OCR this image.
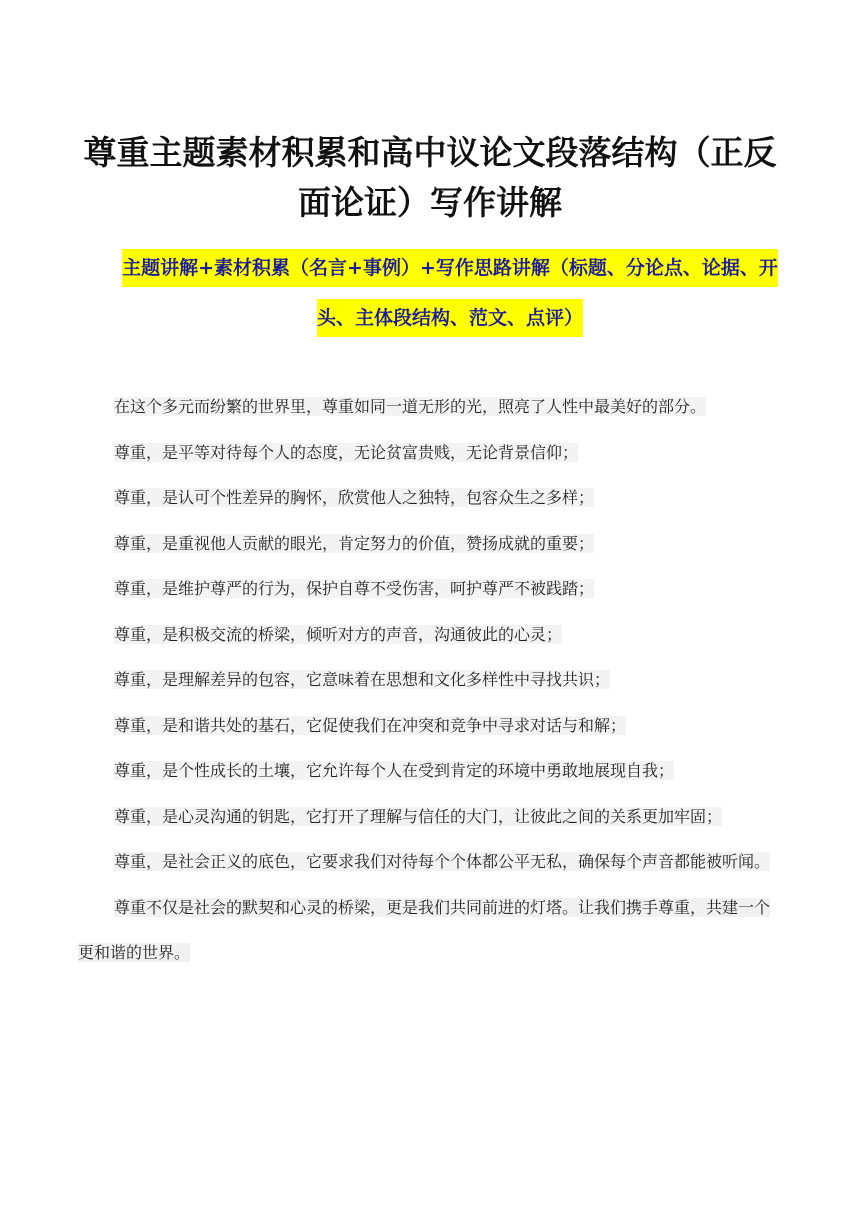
尊重主题素材积累和高中议论文段落结构（正反面论证）写作讲解
主题讲解+素材积累（名言+事例）+写作思路讲解（标题、分论点、论据、开头、主体段结构、范文、点评）

在这个多元而纷繁的世界里，尊重如同一道无形的光，照亮了人性中最美好的部分。

尊重，是平等对待每个人的态度，无论贫富贵贱，无论背景信仰；

尊重，是认可个性差异的胸怀，欣赏他人之独特，包容众生之多样；

尊重，是重视他人贡献的眼光，肯定努力的价值，赞扬成就的重要；

尊重，是维护尊严的行为，保护自尊不受伤害，呵护尊严不被践踏；

尊重，是积极交流的桥梁，倾听对方的声音，沟通彼此的心灵；

尊重，是理解差异的包容，它意味着在思想和文化多样性中寻找共识；

尊重，是和谐共处的基石，它促使我们在冲突和竞争中寻求对话与和解；

尊重，是个性成长的土壤，它允许每个人在受到肯定的环境中勇敢地展现自我；

尊重，是心灵沟通的钥匙，它打开了理解与信任的大门，让彼此之间的关系更加牢固；

尊重，是社会正义的底色，它要求我们对待每个个体都公平无私，确保每个声音都能被听闻。

尊重不仅是社会的默契和心灵的桥梁，更是我们共同前进的灯塔。让我们携手尊重，共建一个更和谐的世界。
